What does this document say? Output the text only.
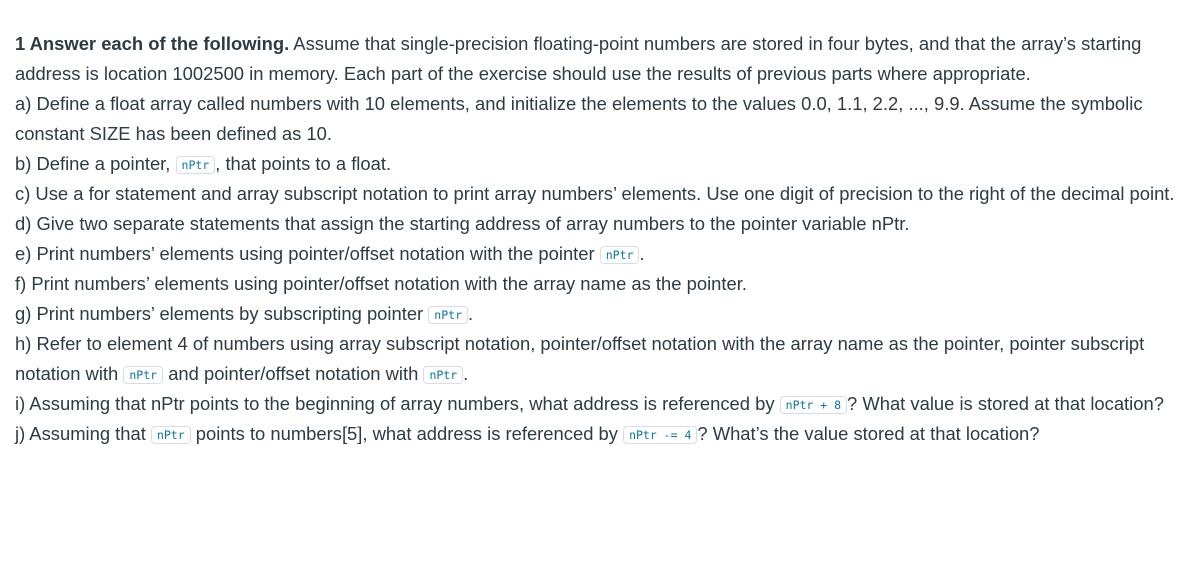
1 Answer each of the following. Assume that single-precision floating-point numbers are stored in four bytes, and that the array’s starting address is location 1002500 in memory. Each part of the exercise should use the results of previous parts where appropriate.

a) Define a float array called numbers with 10 elements, and initialize the elements to the values 0.0, 1.1, 2.2, ..., 9.9. Assume the symbolic constant SIZE has been defined as 10.

b) Define a pointer, nPtr , that points to a float.

c) Use a for statement and array subscript notation to print array numbers’ elements. Use one digit of precision to the right of the decimal point.

d) Give two separate statements that assign the starting address of array numbers to the pointer variable nPtr.

e) Print numbers’ elements using pointer/offset notation with the pointer nPtr .

f) Print numbers’ elements using pointer/offset notation with the array name as the pointer.

g) Print numbers’ elements by subscripting pointer nPtr .

h) Refer to element 4 of numbers using array subscript notation, pointer/offset notation with the array name as the pointer, pointer subscript notation with nPtr and pointer/offset notation with nPtr .

i) Assuming that nPtr points to the beginning of array numbers, what address is referenced by nPtr + 8 ? What value is stored at that location?

j) Assuming that nPtr points to numbers[5], what address is referenced by nPtr -= 4 ? What’s the value stored at that location?
